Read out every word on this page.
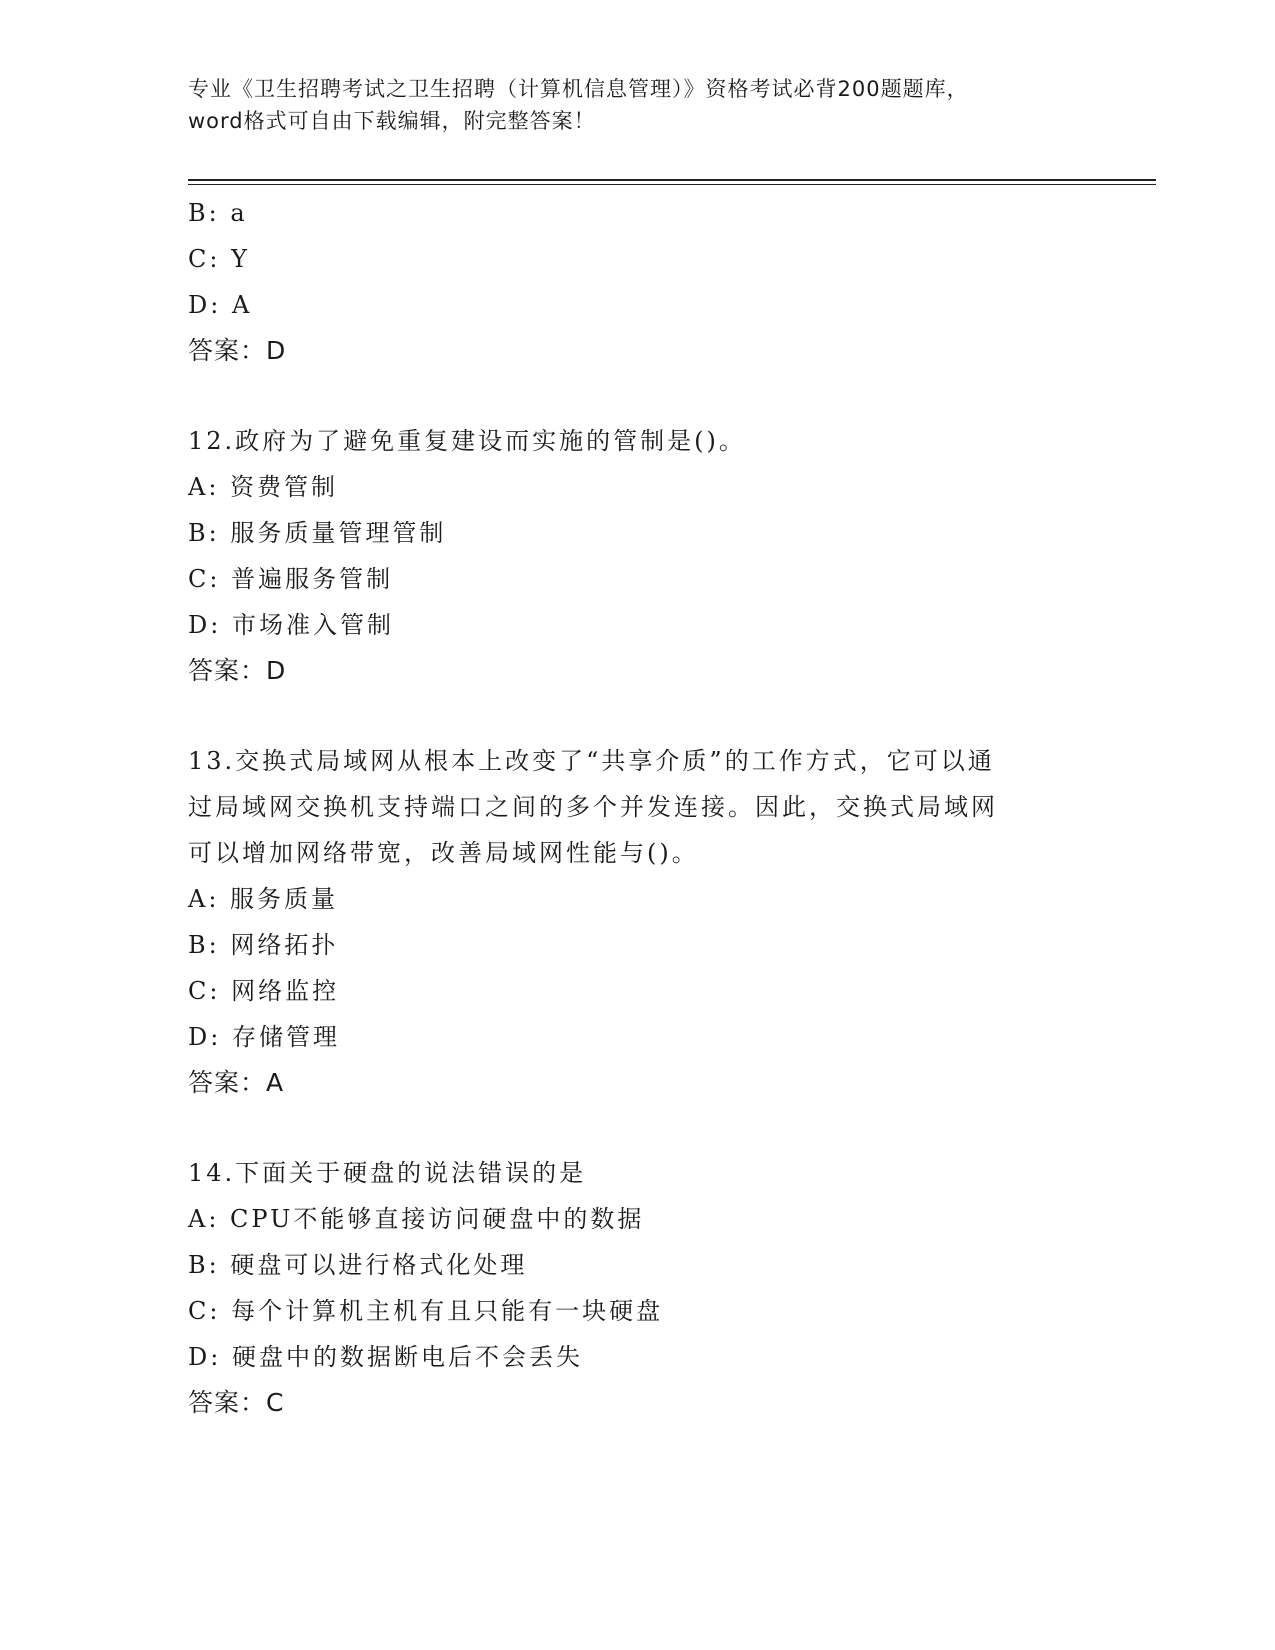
专业《卫生招聘考试之卫生招聘（计算机信息管理）》资格考试必背200题题库，
word格式可自由下载编辑，附完整答案！
B: a
C: Y
D: A
答案：D
12.政府为了避免重复建设而实施的管制是()。
A: 资费管制
B: 服务质量管理管制
C: 普遍服务管制
D: 市场准入管制
答案：D
13.交换式局域网从根本上改变了“共享介质”的工作方式，它可以通
过局域网交换机支持端口之间的多个并发连接。因此，交换式局域网
可以增加网络带宽，改善局域网性能与()。
A: 服务质量
B: 网络拓扑
C: 网络监控
D: 存储管理
答案：A
14.下面关于硬盘的说法错误的是
A: CPU不能够直接访问硬盘中的数据
B: 硬盘可以进行格式化处理
C: 每个计算机主机有且只能有一块硬盘
D: 硬盘中的数据断电后不会丢失
答案：C
